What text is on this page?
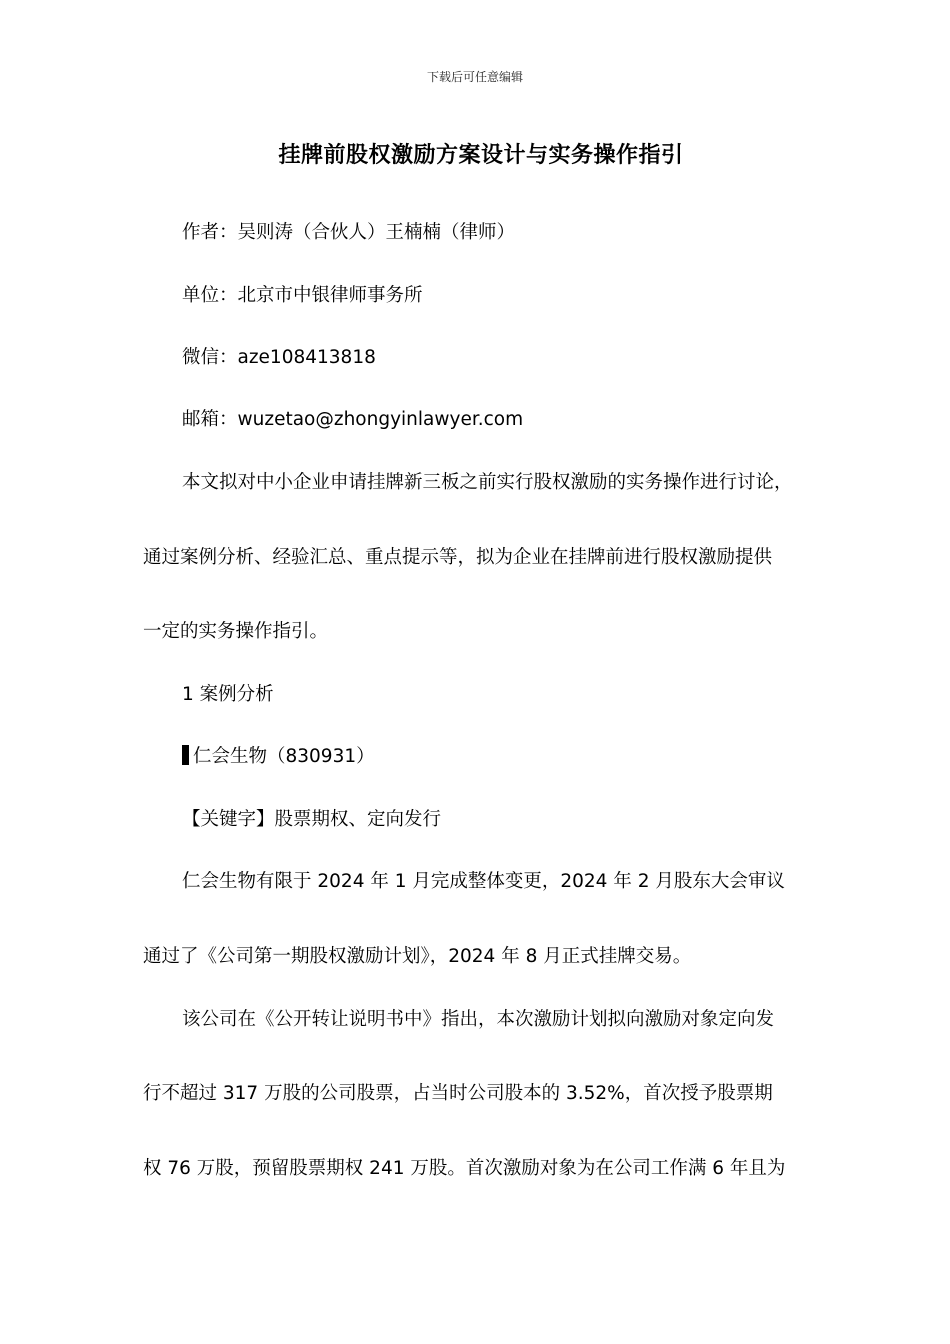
下载后可任意编辑
挂牌前股权激励方案设计与实务操作指引
作者：吴则涛（合伙人）王楠楠（律师）
单位：北京市中银律师事务所
微信：aze108413818
邮箱：wuzetao@zhongyinlawyer.com
本文拟对中小企业申请挂牌新三板之前实行股权激励的实务操作进行讨论，
通过案例分析、经验汇总、重点提示等，拟为企业在挂牌前进行股权激励提供
一定的实务操作指引。
1 案例分析
仁会生物（830931）
【关键字】股票期权、定向发行
仁会生物有限于 2024 年 1 月完成整体变更，2024 年 2 月股东大会审议
通过了《公司第一期股权激励计划》，2024 年 8 月正式挂牌交易。
该公司在《公开转让说明书中》指出，本次激励计划拟向激励对象定向发
行不超过 317 万股的公司股票，占当时公司股本的 3.52%，首次授予股票期
权 76 万股，预留股票期权 241 万股。首次激励对象为在公司工作满 6 年且为
